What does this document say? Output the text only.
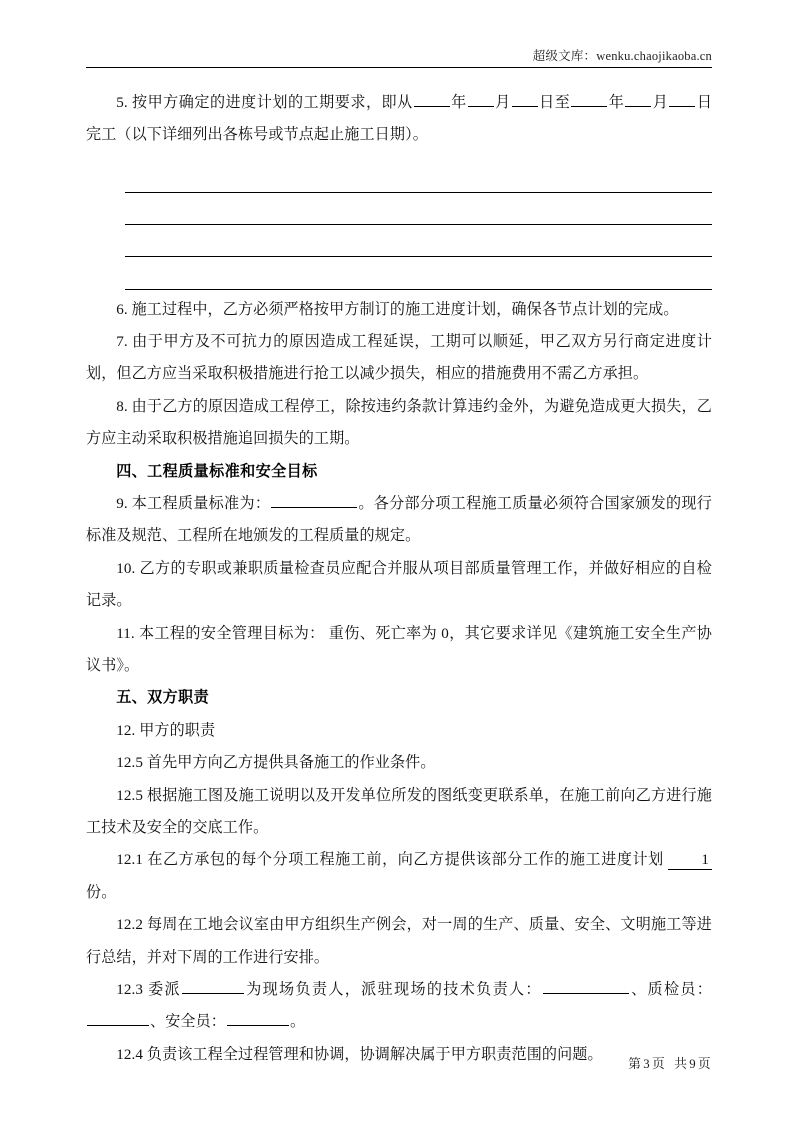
超级文库：wenku.chaojikaoba.cn

5. 按甲方确定的进度计划的工期要求，即从	年 月 日至	年 月 日完工（以下详细列出各栋号或节点起止施工日期）。

6. 施工过程中，乙方必须严格按甲方制订的施工进度计划，确保各节点计划的完成。

7. 由于甲方及不可抗力的原因造成工程延误，工期可以顺延，甲乙双方另行商定进度计划，但乙方应当采取积极措施进行抢工以减少损失，相应的措施费用不需乙方承担。

8. 由于乙方的原因造成工程停工，除按违约条款计算违约金外，为避免造成更大损失，乙方应主动采取积极措施追回损失的工期。

四、工程质量标准和安全目标

9. 本工程质量标准为：	。各分部分项工程施工质量必须符合国家颁发的现行标准及规范、工程所在地颁发的工程质量的规定。

10. 乙方的专职或兼职质量检查员应配合并服从项目部质量管理工作，并做好相应的自检记录。

11. 本工程的安全管理目标为： 重伤、死亡率为 0，其它要求详见《建筑施工安全生产协议书》。

五、双方职责

12. 甲方的职责

12.5 首先甲方向乙方提供具备施工的作业条件。

12.5 根据施工图及施工说明以及开发单位所发的图纸变更联系单，在施工前向乙方进行施工技术及安全的交底工作。

12.1 在乙方承包的每个分项工程施工前，向乙方提供该部分工作的施工进度计划 1份。

12.2 每周在工地会议室由甲方组织生产例会，对一周的生产、质量、安全、文明施工等进行总结，并对下周的工作进行安排。

12.3 委派	为现场负责人，派驻现场的技术负责人：	、质检员：、安全员：	。

12.4 负责该工程全过程管理和协调，协调解决属于甲方职责范围的问题。

第 3 页 共 9 页
